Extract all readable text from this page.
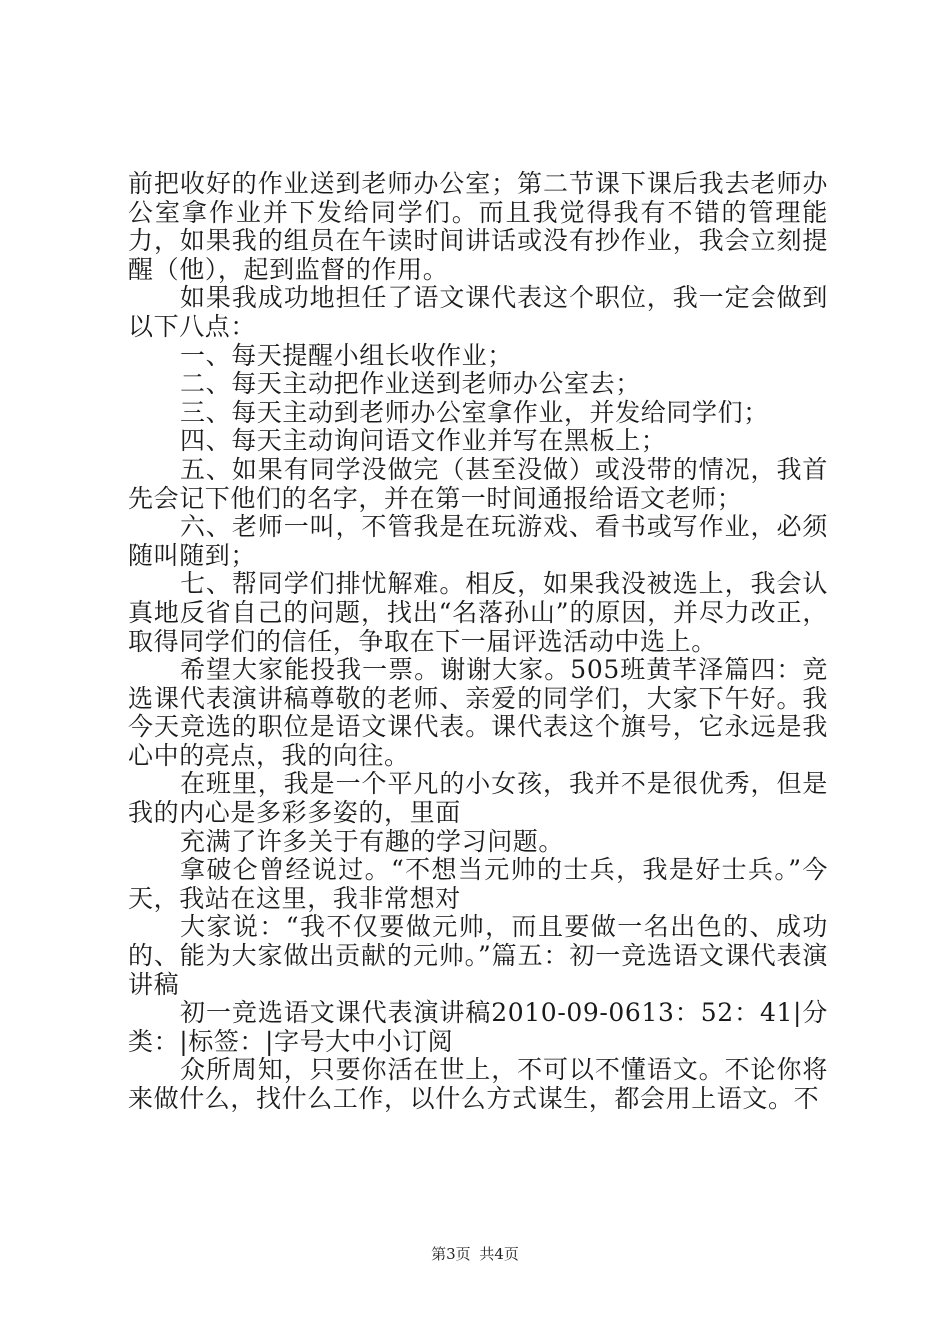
前把收好的作业送到老师办公室；第二节课下课后我去老师办公室拿作业并下发给同学们。而且我觉得我有不错的管理能力，如果我的组员在午读时间讲话或没有抄作业，我会立刻提醒（他），起到监督的作用。

如果我成功地担任了语文课代表这个职位，我一定会做到以下八点：

一、每天提醒小组长收作业；

二、每天主动把作业送到老师办公室去；

三、每天主动到老师办公室拿作业，并发给同学们；

四、每天主动询问语文作业并写在黑板上；

五、如果有同学没做完（甚至没做）或没带的情况，我首先会记下他们的名字，并在第一时间通报给语文老师；

六、老师一叫，不管我是在玩游戏、看书或写作业，必须随叫随到；

七、帮同学们排忧解难。相反，如果我没被选上，我会认真地反省自己的问题，找出“名落孙山”的原因，并尽力改正，取得同学们的信任，争取在下一届评选活动中选上。

希望大家能投我一票。谢谢大家。505班黄芊泽篇四：竞选课代表演讲稿尊敬的老师、亲爱的同学们，大家下午好。我今天竞选的职位是语文课代表。课代表这个旗号，它永远是我心中的亮点，我的向往。

在班里，我是一个平凡的小女孩，我并不是很优秀，但是我的内心是多彩多姿的，里面

充满了许多关于有趣的学习问题。

拿破仑曾经说过。“不想当元帅的士兵，我是好士兵。”今天，我站在这里，我非常想对

大家说：“我不仅要做元帅，而且要做一名出色的、成功的、能为大家做出贡献的元帅。”篇五：初一竞选语文课代表演讲稿

初一竞选语文课代表演讲稿2010-09-0613：52：41|分类：|标签：|字号大中小订阅

众所周知，只要你活在世上，不可以不懂语文。不论你将来做什么，找什么工作，以什么方式谋生，都会用上语文。不

第3页 共4页
